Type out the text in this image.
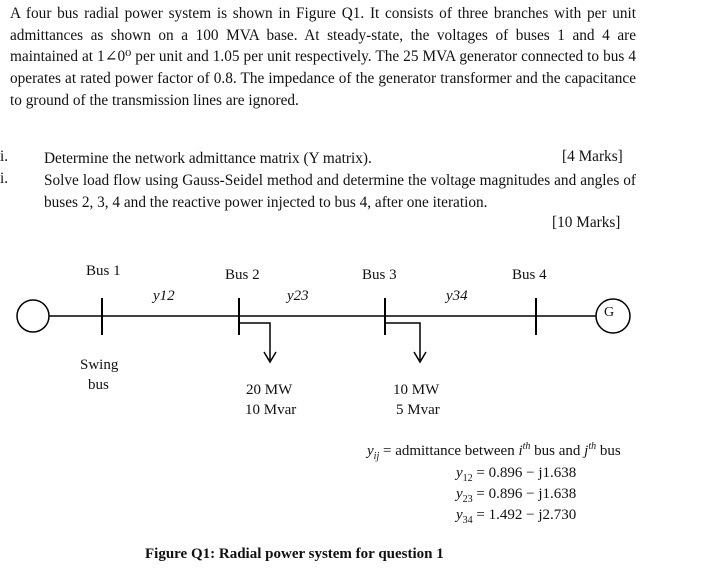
A four bus radial power system is shown in Figure Q1. It consists of three branches with per unit admittances as shown on a 100 MVA base. At steady-state, the voltages of buses 1 and 4 are maintained at 1∠0⁰ per unit and 1.05 per unit respectively. The 25 MVA generator connected to bus 4 operates at rated power factor of 0.8. The impedance of the generator transformer and the capacitance to ground of the transmission lines are ignored.
i. Determine the network admittance matrix (Y matrix).	[4 Marks]
i. Solve load flow using Gauss-Seidel method and determine the voltage magnitudes and angles of buses 2, 3, 4 and the reactive power injected to bus 4, after one iteration.
[10 Marks]
Bus 1	Bus 2	Bus 3	Bus 4
y12	y23	y34
G
Swing
bus	20 MW
10 Mvar
10 MW
5 Mvar
$y_{ij}$ = admittance between $i^{th}$ bus and $j^{th}$ bus
$y_{12} = 0.896 - j1.638$
$y_{23} = 0.896 - j1.638$
$y_{34} = 1.492 - j2.730$
Figure Q1: Radial power system for question 1
